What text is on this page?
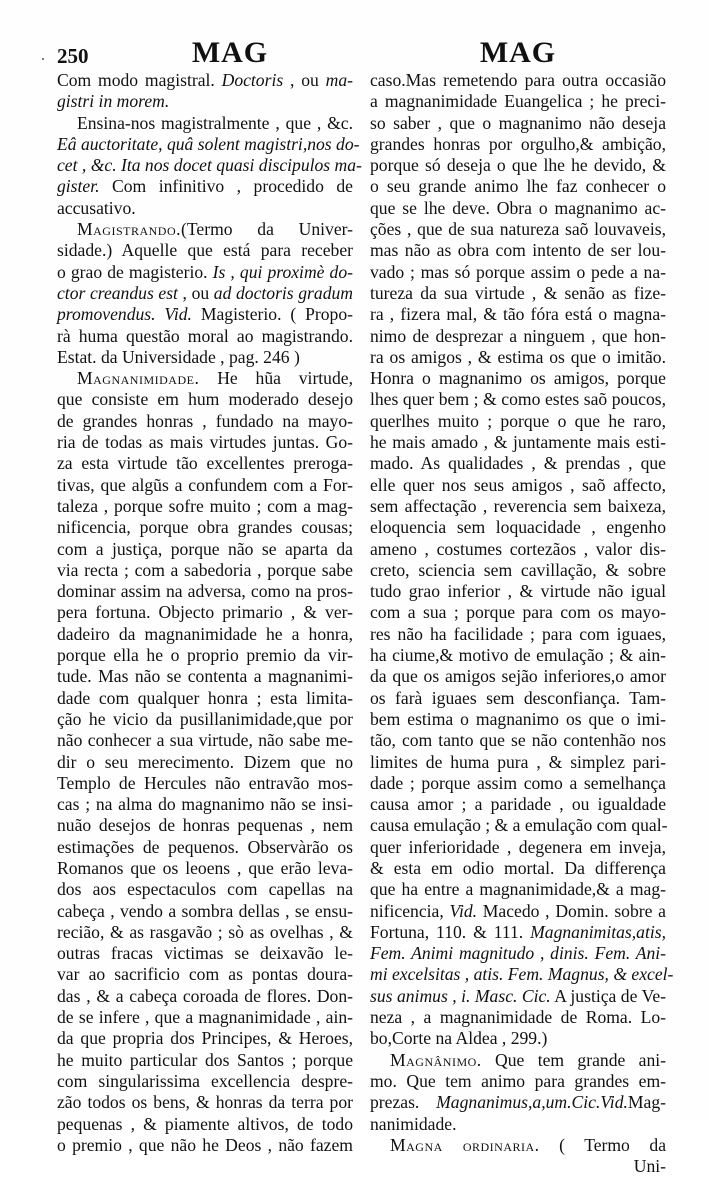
250	MAG	MAG
Com modo magistral. Doctoris , ou ma-
gistri in morem.
Ensina-nos magistralmente , que , &c.
Eâ auctoritate, quâ solent magistri,nos do-
cet , &c. Ita nos docet quasi discipulos ma-
gister. Com infinitivo , procedido de
accusativo.
Magistrando.(Termo da Univer-
sidade.) Aquelle que está para receber
o grao de magisterio. Is , qui proximè do-
ctor creandus est , ou ad doctoris gradum
promovendus. Vid. Magisterio. ( Propo-
rà huma questão moral ao magistrando.
Estat. da Universidade , pag. 246 )
Magnanimidade. He hũa virtude,
que consiste em hum moderado desejo
de grandes honras , fundado na mayo-
ria de todas as mais virtudes juntas. Go-
za esta virtude tão excellentes preroga-
tivas, que algũs a confundem com a For-
taleza , porque sofre muito ; com a mag-
nificencia, porque obra grandes cousas;
com a justiça, porque não se aparta da
via recta ; com a sabedoria , porque sabe
dominar assim na adversa, como na pros-
pera fortuna. Objecto primario , & ver-
dadeiro da magnanimidade he a honra,
porque ella he o proprio premio da vir-
tude. Mas não se contenta a magnanimi-
dade com qualquer honra ; esta limita-
ção he vicio da pusillanimidade,que por
não conhecer a sua virtude, não sabe me-
dir o seu merecimento. Dizem que no
Templo de Hercules não entravão mos-
cas ; na alma do magnanimo não se insi-
nuão desejos de honras pequenas , nem
estimações de pequenos. Observàrão os
Romanos que os leoens , que erão leva-
dos aos espectaculos com capellas na
cabeça , vendo a sombra dellas , se ensu-
recião, & as rasgavão ; sò as ovelhas , &
outras fracas victimas se deixavão le-
var ao sacrificio com as pontas doura-
das , & a cabeça coroada de flores. Don-
de se infere , que a magnanimidade , ain-
da que propria dos Principes, & Heroes,
he muito particular dos Santos ; porque
com singularissima excellencia despre-
zão todos os bens, & honras da terra por
pequenas , & piamente altivos, de todo
o premio , que não he Deos , não fazem
caso.Mas remetendo para outra occasião
a magnanimidade Euangelica ; he preci-
so saber , que o magnanimo não deseja
grandes honras por orgulho,& ambição,
porque só deseja o que lhe he devido, &
o seu grande animo lhe faz conhecer o
que se lhe deve. Obra o magnanimo ac-
ções , que de sua natureza saõ louvaveis,
mas não as obra com intento de ser lou-
vado ; mas só porque assim o pede a na-
tureza da sua virtude , & senão as fize-
ra , fizera mal, & tão fóra está o magna-
nimo de desprezar a ninguem , que hon-
ra os amigos , & estima os que o imitão.
Honra o magnanimo os amigos, porque
lhes quer bem ; & como estes saõ poucos,
querlhes muito ; porque o que he raro,
he mais amado , & juntamente mais esti-
mado. As qualidades , & prendas , que
elle quer nos seus amigos , saõ affecto,
sem affectação , reverencia sem baixeza,
eloquencia sem loquacidade , engenho
ameno , costumes cortezãos , valor dis-
creto, sciencia sem cavillação, & sobre
tudo grao inferior , & virtude não igual
com a sua ; porque para com os mayo-
res não ha facilidade ; para com iguaes,
ha ciume,& motivo de emulação ; & ain-
da que os amigos sejão inferiores,o amor
os farà iguaes sem desconfiança. Tam-
bem estima o magnanimo os que o imi-
tão, com tanto que se não contenhão nos
limites de huma pura , & simplez pari-
dade ; porque assim como a semelhança
causa amor ; a paridade , ou igualdade
causa emulação ; & a emulação com qual-
quer inferioridade , degenera em inveja,
& esta em odio mortal. Da differença
que ha entre a magnanimidade,& a mag-
nificencia, Vid. Macedo , Domin. sobre a
Fortuna, 110. & 111. Magnanimitas,atis,
Fem. Animi magnitudo , dinis. Fem. Ani-
mi excelsitas , atis. Fem. Magnus, & excel-
sus animus , i. Masc. Cic. A justiça de Ve-
neza , a magnanimidade de Roma. Lo-
bo,Corte na Aldea , 299.)
Magnânimo. Que tem grande ani-
mo. Que tem animo para grandes em-
prezas. Magnanimus,a,um.Cic.Vid.Mag-
nanimidade.
Magna ordinaria. ( Termo da
Uni-
